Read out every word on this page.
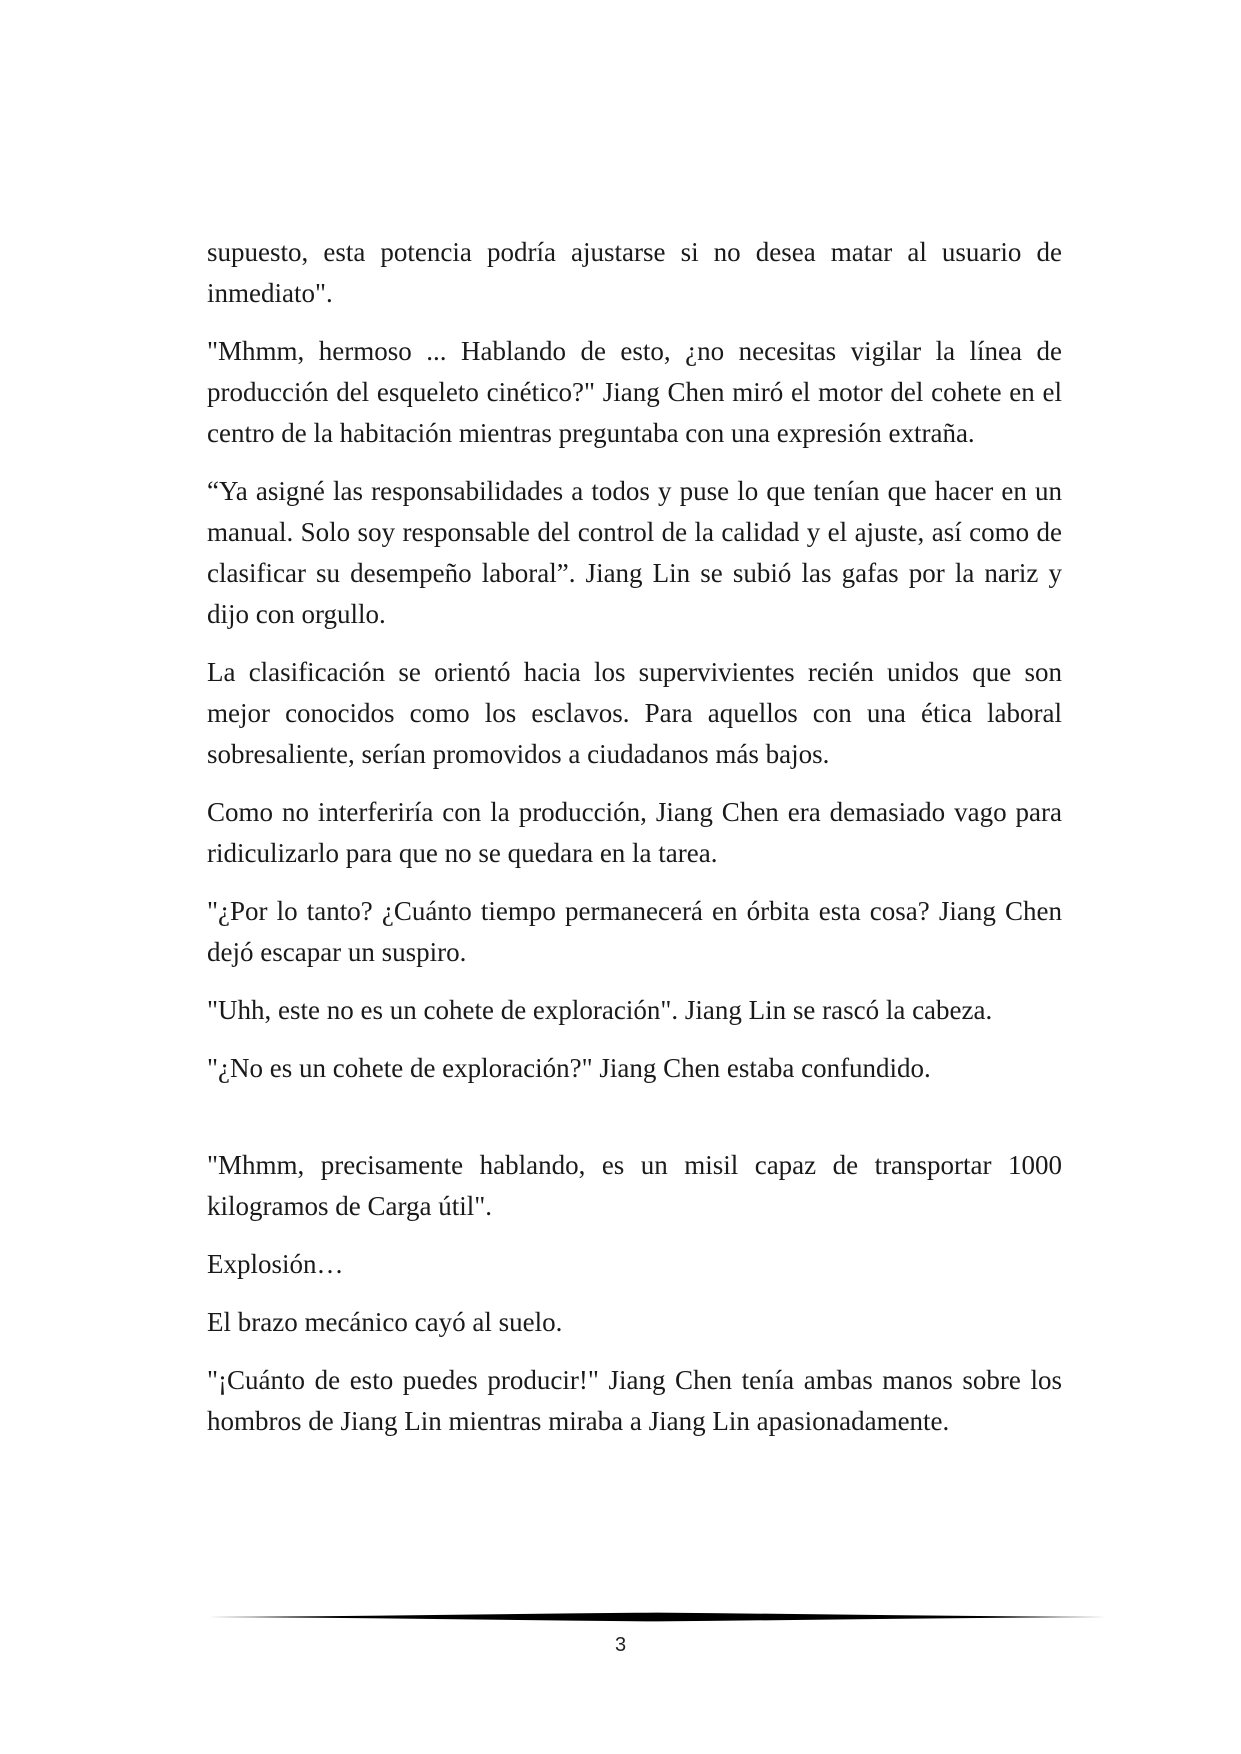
supuesto, esta potencia podría ajustarse si no desea matar al usuario de inmediato".

"Mhmm, hermoso ... Hablando de esto, ¿no necesitas vigilar la línea de producción del esqueleto cinético?" Jiang Chen miró el motor del cohete en el centro de la habitación mientras preguntaba con una expresión extraña.

“Ya asigné las responsabilidades a todos y puse lo que tenían que hacer en un manual. Solo soy responsable del control de la calidad y el ajuste, así como de clasificar su desempeño laboral”. Jiang Lin se subió las gafas por la nariz y dijo con orgullo.

La clasificación se orientó hacia los supervivientes recién unidos que son mejor conocidos como los esclavos. Para aquellos con una ética laboral sobresaliente, serían promovidos a ciudadanos más bajos.

Como no interferiría con la producción, Jiang Chen era demasiado vago para ridiculizarlo para que no se quedara en la tarea.

"¿Por lo tanto? ¿Cuánto tiempo permanecerá en órbita esta cosa? Jiang Chen dejó escapar un suspiro.

"Uhh, este no es un cohete de exploración". Jiang Lin se rascó la cabeza.

"¿No es un cohete de exploración?" Jiang Chen estaba confundido.

"Mhmm, precisamente hablando, es un misil capaz de transportar 1000 kilogramos de Carga útil".

Explosión…

El brazo mecánico cayó al suelo.

"¡Cuánto de esto puedes producir!" Jiang Chen tenía ambas manos sobre los hombros de Jiang Lin mientras miraba a Jiang Lin apasionadamente.

3
